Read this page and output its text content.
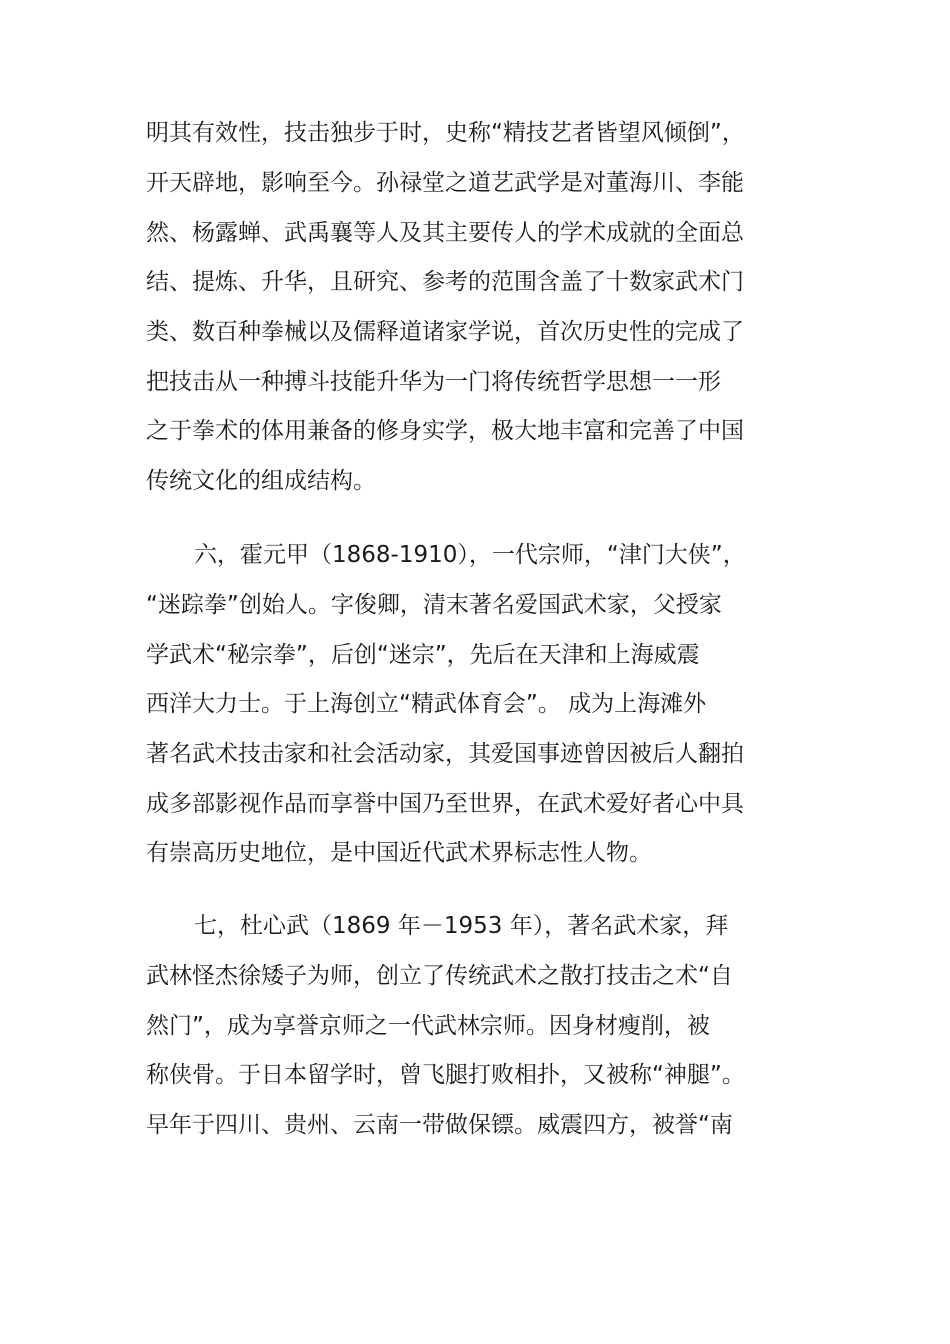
明其有效性，技击独步于时，史称“精技艺者皆望风倾倒”，
开天辟地，影响至今。孙禄堂之道艺武学是对董海川、李能
然、杨露蝉、武禹襄等人及其主要传人的学术成就的全面总
结、提炼、升华，且研究、参考的范围含盖了十数家武术门
类、数百种拳械以及儒释道诸家学说，首次历史性的完成了
把技击从一种搏斗技能升华为一门将传统哲学思想一一形
之于拳术的体用兼备的修身实学，极大地丰富和完善了中国
传统文化的组成结构。
六，霍元甲（1868-1910），一代宗师，“津门大侠”，
“迷踪拳”创始人。字俊卿，清末著名爱国武术家，父授家
学武术“秘宗拳”，后创“迷宗”，先后在天津和上海威震
西洋大力士。于上海创立“精武体育会”。 成为上海滩外
著名武术技击家和社会活动家，其爱国事迹曾因被后人翻拍
成多部影视作品而享誉中国乃至世界，在武术爱好者心中具
有崇高历史地位，是中国近代武术界标志性人物。
七，杜心武（1869 年－1953 年），著名武术家，拜
武林怪杰徐矮子为师，创立了传统武术之散打技击之术“自
然门”，成为享誉京师之一代武林宗师。因身材瘦削，被
称侠骨。于日本留学时，曾飞腿打败相扑，又被称“神腿”。
早年于四川、贵州、云南一带做保镖。威震四方，被誉“南
